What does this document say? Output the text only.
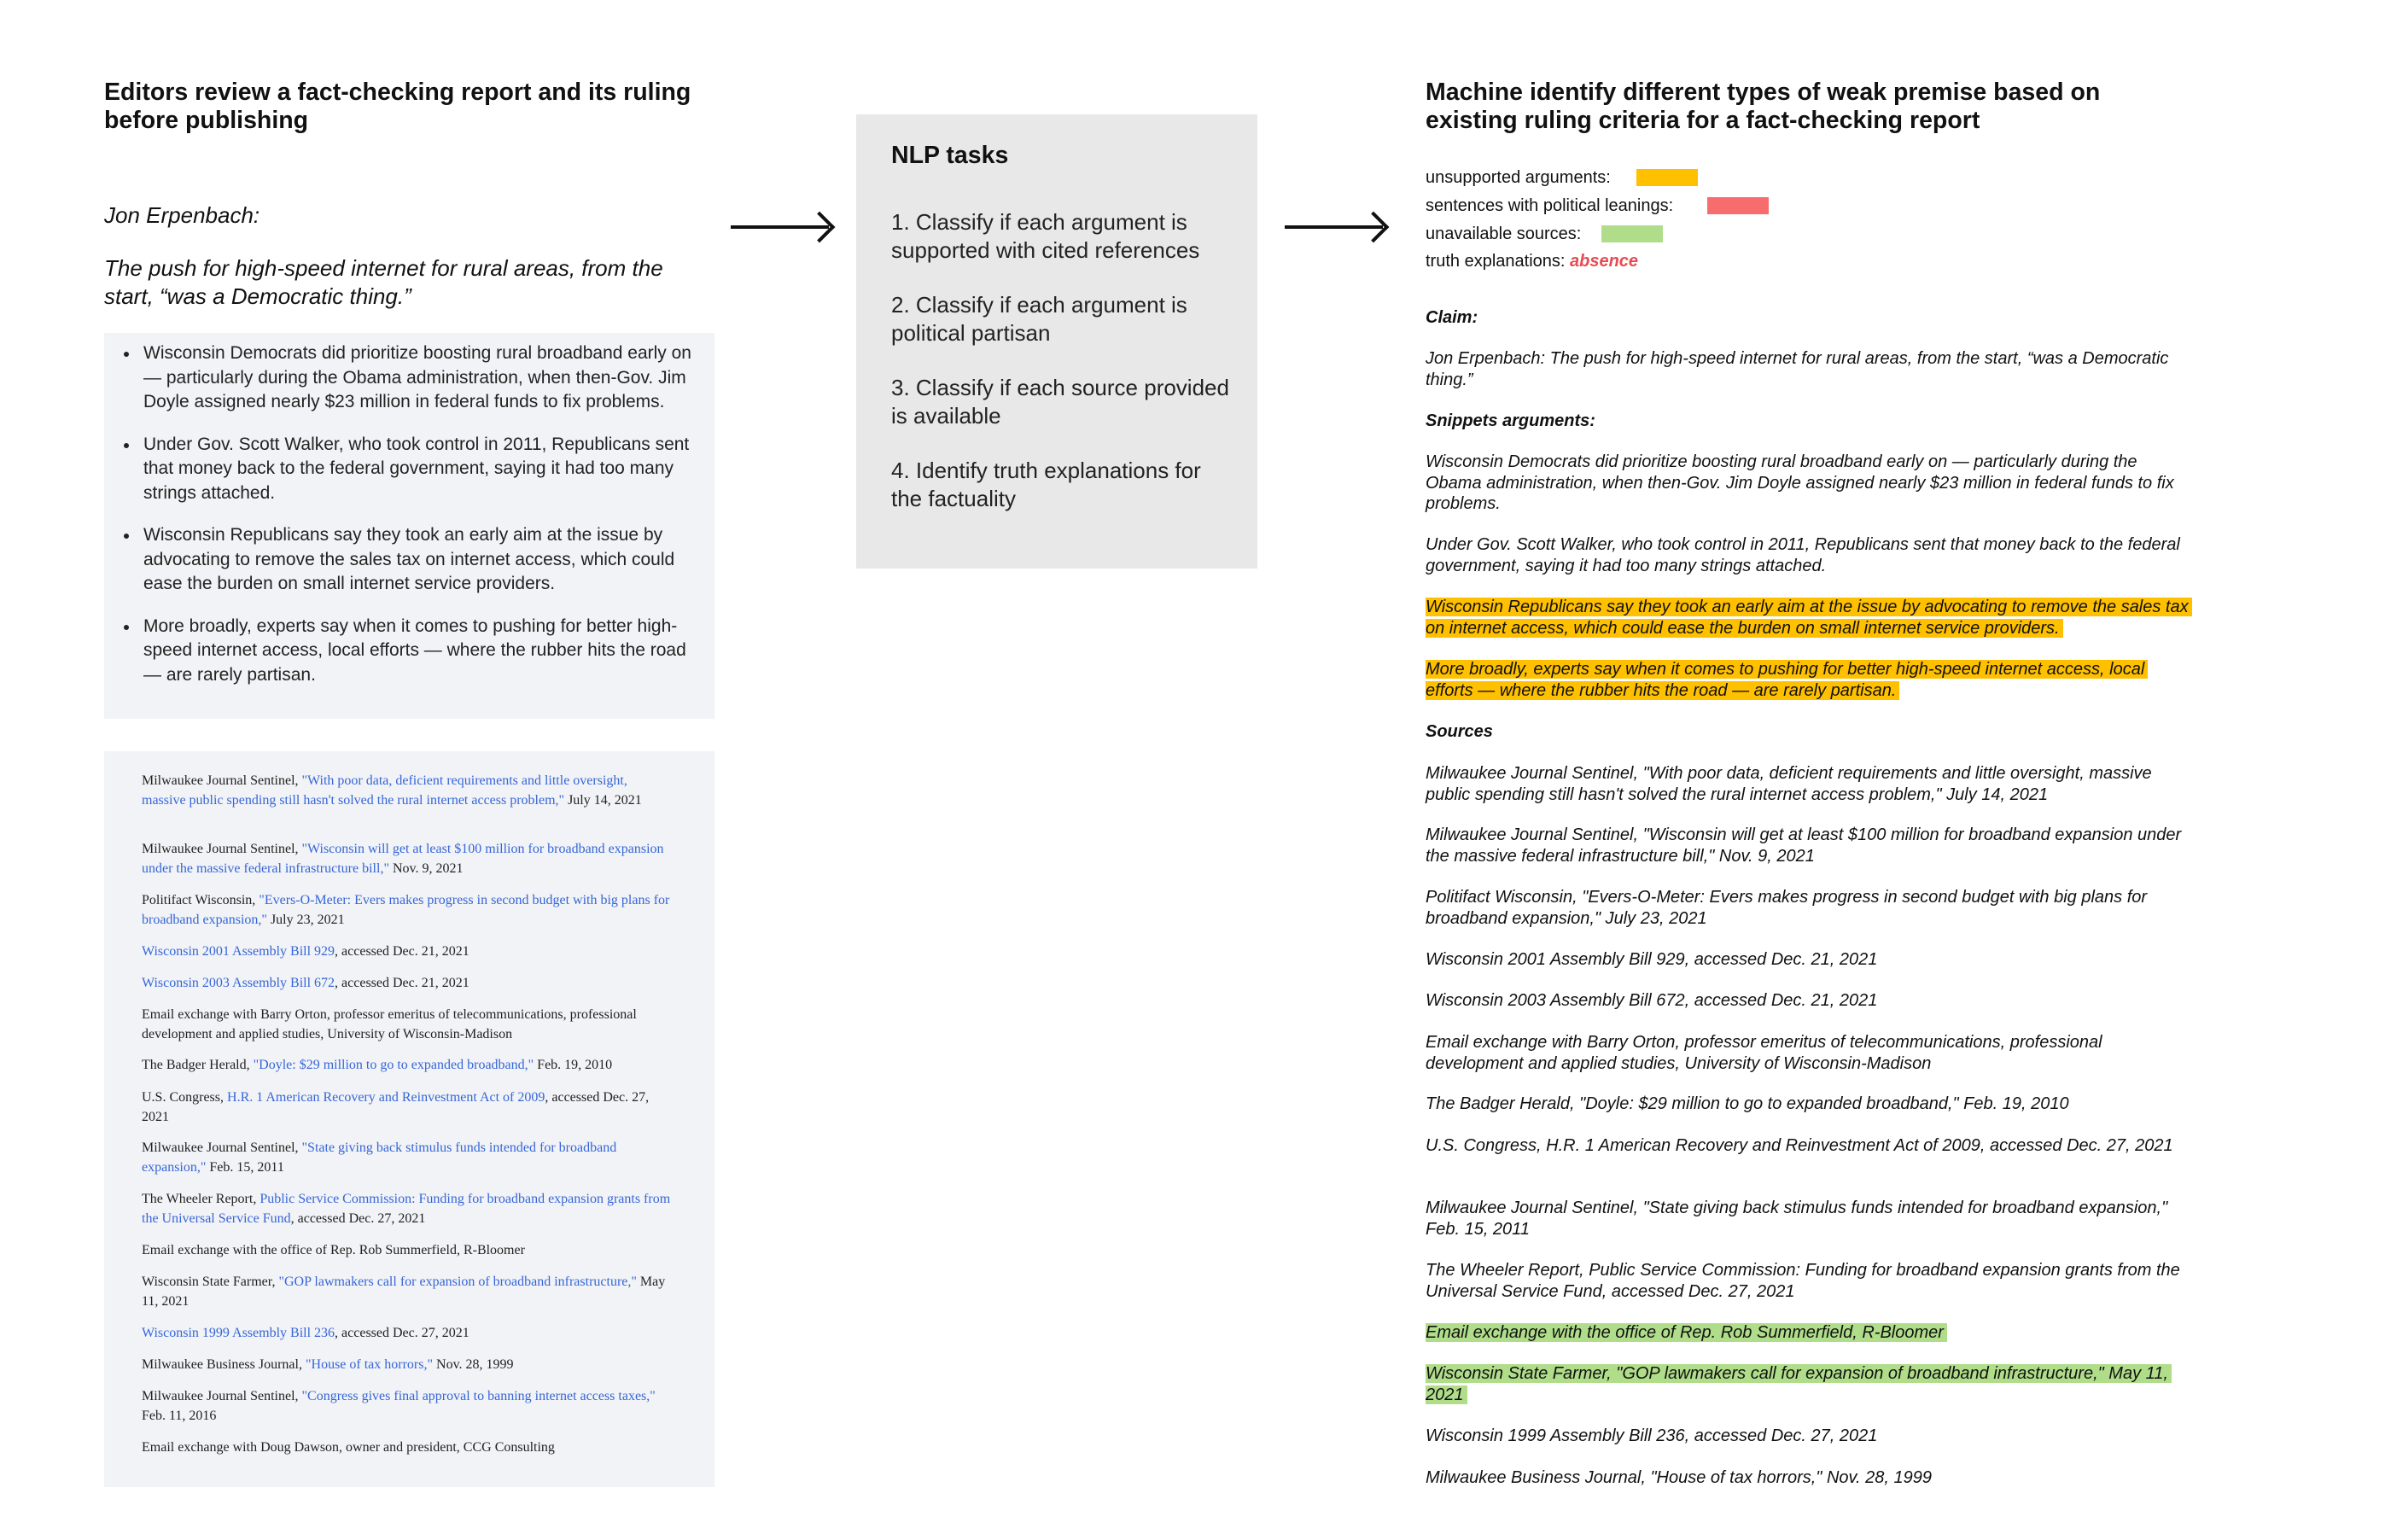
Editors review a fact-checking report and its ruling before publishing
Jon Erpenbach:
The push for high-speed internet for rural areas, from the start, “was a Democratic thing.”
Wisconsin Democrats did prioritize boosting rural broadband early on — particularly during the Obama administration, when then-Gov. Jim Doyle assigned nearly $23 million in federal funds to fix problems.
Under Gov. Scott Walker, who took control in 2011, Republicans sent that money back to the federal government, saying it had too many strings attached.
Wisconsin Republicans say they took an early aim at the issue by advocating to remove the sales tax on internet access, which could ease the burden on small internet service providers.
More broadly, experts say when it comes to pushing for better high-speed internet access, local efforts — where the rubber hits the road — are rarely partisan.
Milwaukee Journal Sentinel, "With poor data, deficient requirements and little oversight, massive public spending still hasn't solved the rural internet access problem," July 14, 2021
Milwaukee Journal Sentinel, "Wisconsin will get at least $100 million for broadband expansion under the massive federal infrastructure bill," Nov. 9, 2021
Politifact Wisconsin, "Evers-O-Meter: Evers makes progress in second budget with big plans for broadband expansion," July 23, 2021
Wisconsin 2001 Assembly Bill 929, accessed Dec. 21, 2021
Wisconsin 2003 Assembly Bill 672, accessed Dec. 21, 2021
Email exchange with Barry Orton, professor emeritus of telecommunications, professional development and applied studies, University of Wisconsin-Madison
The Badger Herald, "Doyle: $29 million to go to expanded broadband," Feb. 19, 2010
U.S. Congress, H.R. 1 American Recovery and Reinvestment Act of 2009, accessed Dec. 27, 2021
Milwaukee Journal Sentinel, "State giving back stimulus funds intended for broadband expansion," Feb. 15, 2011
The Wheeler Report, Public Service Commission: Funding for broadband expansion grants from the Universal Service Fund, accessed Dec. 27, 2021
Email exchange with the office of Rep. Rob Summerfield, R-Bloomer
Wisconsin State Farmer, "GOP lawmakers call for expansion of broadband infrastructure," May 11, 2021
Wisconsin 1999 Assembly Bill 236, accessed Dec. 27, 2021
Milwaukee Business Journal, "House of tax horrors," Nov. 28, 1999
Milwaukee Journal Sentinel, "Congress gives final approval to banning internet access taxes," Feb. 11, 2016
Email exchange with Doug Dawson, owner and president, CCG Consulting
NLP tasks
1. Classify if each argument is supported with cited references
2. Classify if each argument is political partisan
3. Classify if each source provided is available
4. Identify truth explanations for the factuality
Machine identify different types of weak premise based on existing ruling criteria for a fact-checking report
unsupported arguments:
sentences with political leanings:
unavailable sources:
truth explanations: absence
Claim:
Jon Erpenbach: The push for high-speed internet for rural areas, from the start, “was a Democratic thing.”
Snippets arguments:
Wisconsin Democrats did prioritize boosting rural broadband early on — particularly during the Obama administration, when then-Gov. Jim Doyle assigned nearly $23 million in federal funds to fix problems.
Under Gov. Scott Walker, who took control in 2011, Republicans sent that money back to the federal government, saying it had too many strings attached.
Wisconsin Republicans say they took an early aim at the issue by advocating to remove the sales tax on internet access, which could ease the burden on small internet service providers.
More broadly, experts say when it comes to pushing for better high-speed internet access, local efforts — where the rubber hits the road — are rarely partisan.
Sources
Milwaukee Journal Sentinel, "With poor data, deficient requirements and little oversight, massive public spending still hasn't solved the rural internet access problem," July 14, 2021
Milwaukee Journal Sentinel, "Wisconsin will get at least $100 million for broadband expansion under the massive federal infrastructure bill," Nov. 9, 2021
Politifact Wisconsin, "Evers-O-Meter: Evers makes progress in second budget with big plans for broadband expansion," July 23, 2021
Wisconsin 2001 Assembly Bill 929, accessed Dec. 21, 2021
Wisconsin 2003 Assembly Bill 672, accessed Dec. 21, 2021
Email exchange with Barry Orton, professor emeritus of telecommunications, professional development and applied studies, University of Wisconsin-Madison
The Badger Herald, "Doyle: $29 million to go to expanded broadband," Feb. 19, 2010
U.S. Congress, H.R. 1 American Recovery and Reinvestment Act of 2009, accessed Dec. 27, 2021
Milwaukee Journal Sentinel, "State giving back stimulus funds intended for broadband expansion," Feb. 15, 2011
The Wheeler Report, Public Service Commission: Funding for broadband expansion grants from the Universal Service Fund, accessed Dec. 27, 2021
Email exchange with the office of Rep. Rob Summerfield, R-Bloomer
Wisconsin State Farmer, "GOP lawmakers call for expansion of broadband infrastructure," May 11, 2021
Wisconsin 1999 Assembly Bill 236, accessed Dec. 27, 2021
Milwaukee Business Journal, "House of tax horrors," Nov. 28, 1999
